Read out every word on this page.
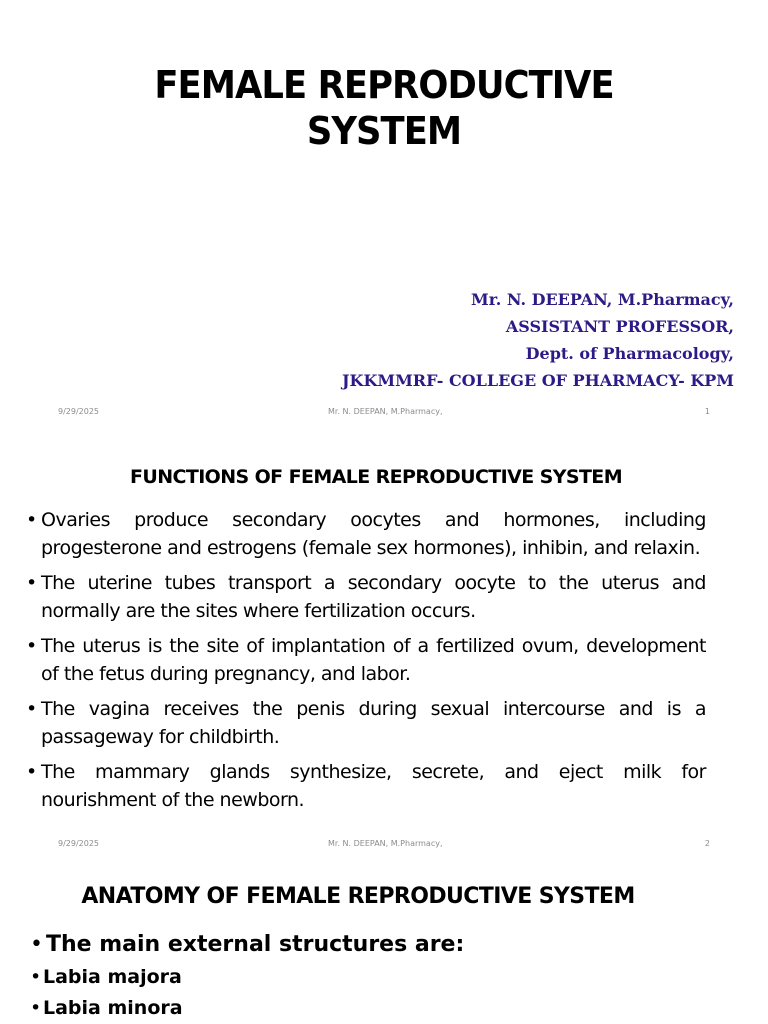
FEMALE REPRODUCTIVE
SYSTEM
Mr. N. DEEPAN, M.Pharmacy,
ASSISTANT PROFESSOR,
Dept. of Pharmacology,
JKKMMRF- COLLEGE OF PHARMACY- KPM
9/29/2025	Mr. N. DEEPAN, M.Pharmacy,	1
FUNCTIONS OF FEMALE REPRODUCTIVE SYSTEM
• Ovaries produce secondary oocytes and hormones, including progesterone and estrogens (female sex hormones), inhibin, and relaxin.
• The uterine tubes transport a secondary oocyte to the uterus and normally are the sites where fertilization occurs.
• The uterus is the site of implantation of a fertilized ovum, development of the fetus during pregnancy, and labor.
• The vagina receives the penis during sexual intercourse and is a passageway for childbirth.
• The mammary glands synthesize, secrete, and eject milk for nourishment of the newborn.
9/29/2025	Mr. N. DEEPAN, M.Pharmacy,	2
ANATOMY OF FEMALE REPRODUCTIVE SYSTEM
• The main external structures are:
• Labia majora
• Labia minora
